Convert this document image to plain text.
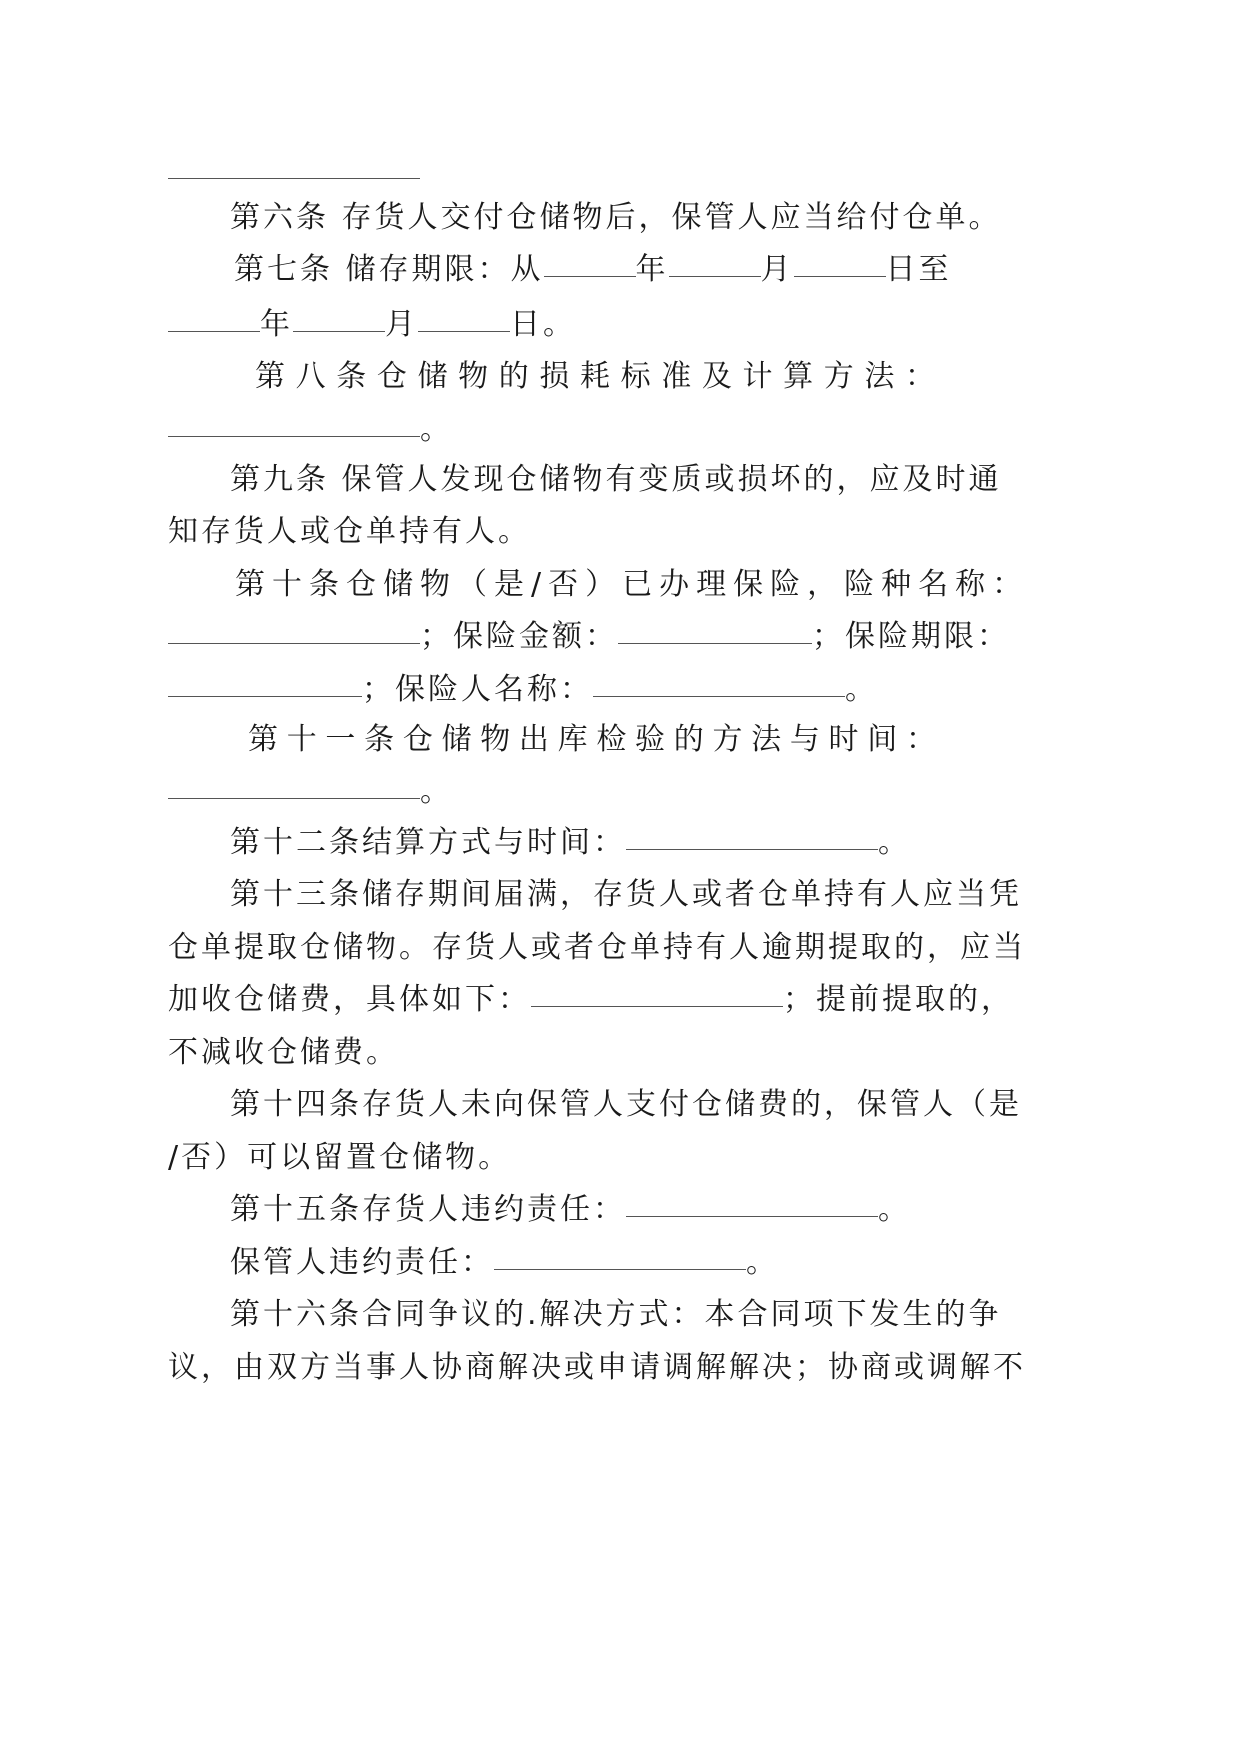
第六条 存货人交付仓储物后，保管人应当给付仓单。
第七条 储存期限：从	年	月	日至
年	月	日。
第 八 条 仓 储 物 的 损 耗 标 准 及 计 算 方 法 ：
。
第九条 保管人发现仓储物有变质或损坏的，应及时通
知存货人或仓单持有人。
第十条仓储物（是/否）已办理保险，险种名称：
；保险金额：	；保险期限：
；保险人名称：	。
第 十 一 条 仓 储 物 出 库 检 验 的 方 法 与 时 间 ：
。
第十二条结算方式与时间：	。
第十三条储存期间届满，存货人或者仓单持有人应当凭
仓单提取仓储物。存货人或者仓单持有人逾期提取的，应当
加收仓储费，具体如下：	；提前提取的，
不减收仓储费。
第十四条存货人未向保管人支付仓储费的，保管人（是
/否）可以留置仓储物。
第十五条存货人违约责任：	。
保管人违约责任：	。
第十六条合同争议的.解决方式：本合同项下发生的争
议，由双方当事人协商解决或申请调解解决；协商或调解不
